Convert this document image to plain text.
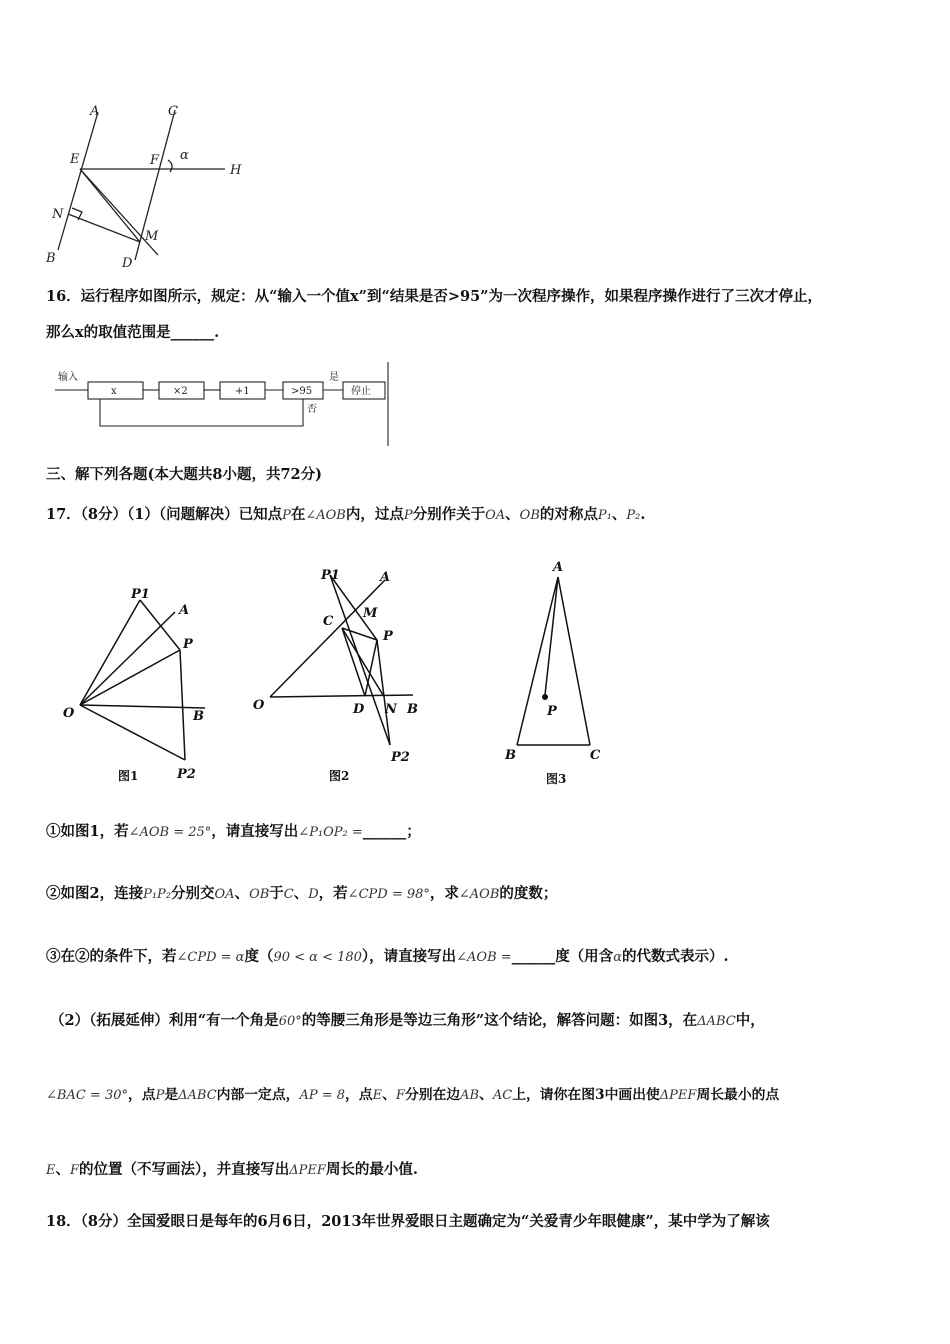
A	C
E	F α
H
N
M
B	D
16．运行程序如图所示，规定：从“输入一个值x”到“结果是否>95”为一次程序操作，如果程序操作进行了三次才停止，
那么x的取值范围是______.
输入
x	×2	+1	>95
是
停止
否
三、解下列各题(本大题共8小题，共72分)
17．（8分）（1）（问题解决）已知点P在∠AOB内，过点P分别作关于OA、OB的对称点P₁、P₂.
P1
A
P
O	B
P2
图1
P1	A
C
M
P
O	D N B
P2
图2
A
P
B	C
图3
①如图1，若∠AOB = 25°，请直接写出∠P₁OP₂ =______；
②如图2，连接P₁P₂分别交OA、OB于C、D，若∠CPD = 98°，求∠AOB的度数；
③在②的条件下，若∠CPD = α度（90 < α < 180），请直接写出∠AOB =______度（用含α的代数式表示）.
（2）（拓展延伸）利用“有一个角是60°的等腰三角形是等边三角形”这个结论，解答问题：如图3，在ΔABC中，
∠BAC = 30°，点P是ΔABC内部一定点，AP = 8，点E、F分别在边AB、AC上，请你在图3中画出使ΔPEF周长最小的点
E、F的位置（不写画法），并直接写出ΔPEF周长的最小值.
18．（8分）全国爱眼日是每年的6月6日，2013年世界爱眼日主题确定为“关爱青少年眼健康”，某中学为了解该
